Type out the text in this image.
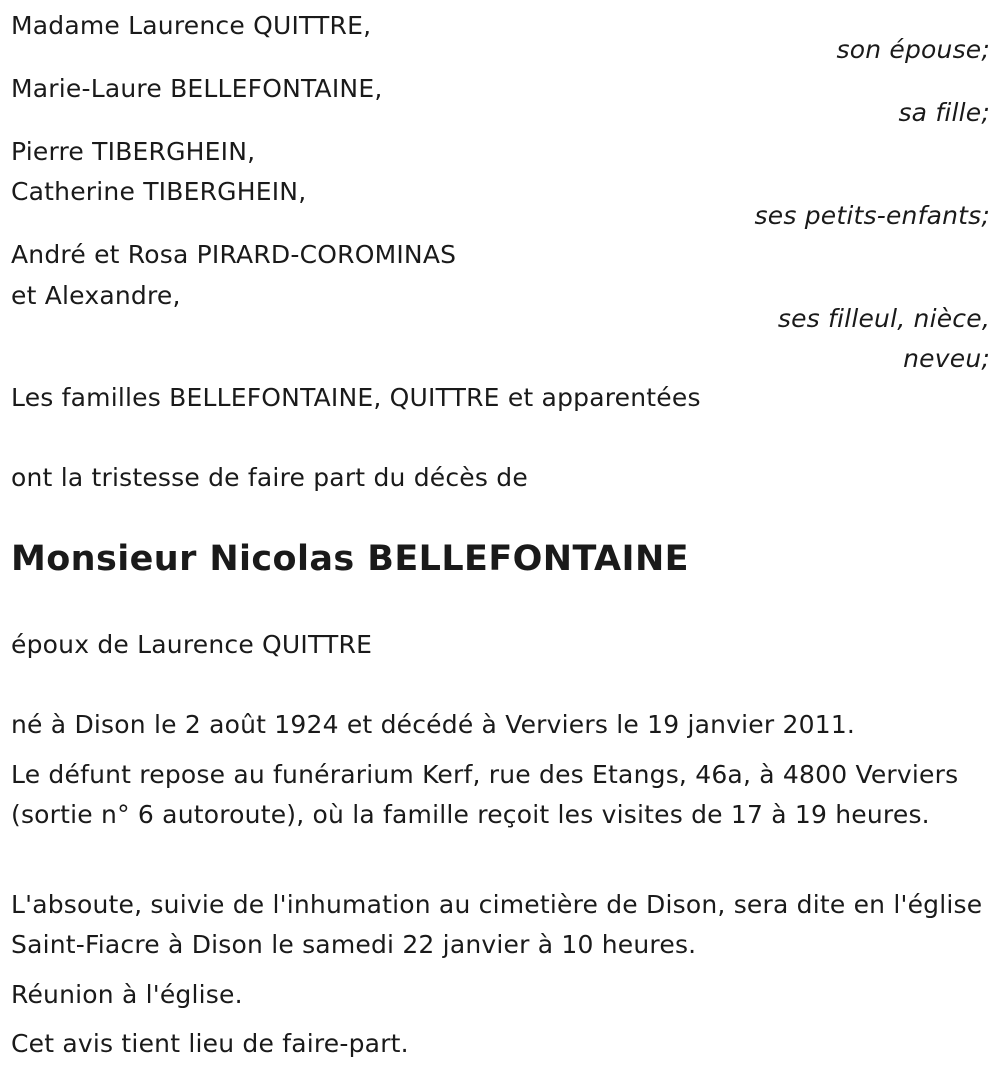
Madame Laurence QUITTRE,
son épouse;
Marie-Laure BELLEFONTAINE,
sa fille;
Pierre TIBERGHEIN,
Catherine TIBERGHEIN,
ses petits-enfants;
André et Rosa PIRARD-COROMINAS
et Alexandre,
ses filleul, nièce,
neveu;
Les familles BELLEFONTAINE, QUITTRE et apparentées
ont la tristesse de faire part du décès de
Monsieur Nicolas BELLEFONTAINE
époux de Laurence QUITTRE
né à Dison le 2 août 1924 et décédé à Verviers le 19 janvier 2011.
Le défunt repose au funérarium Kerf, rue des Etangs, 46a, à 4800 Verviers (sortie n° 6 autoroute), où la famille reçoit les visites de 17 à 19 heures.
L'absoute, suivie de l'inhumation au cimetière de Dison, sera dite en l'église Saint-Fiacre à Dison le samedi 22 janvier à 10 heures.
Réunion à l'église.
Cet avis tient lieu de faire-part.
